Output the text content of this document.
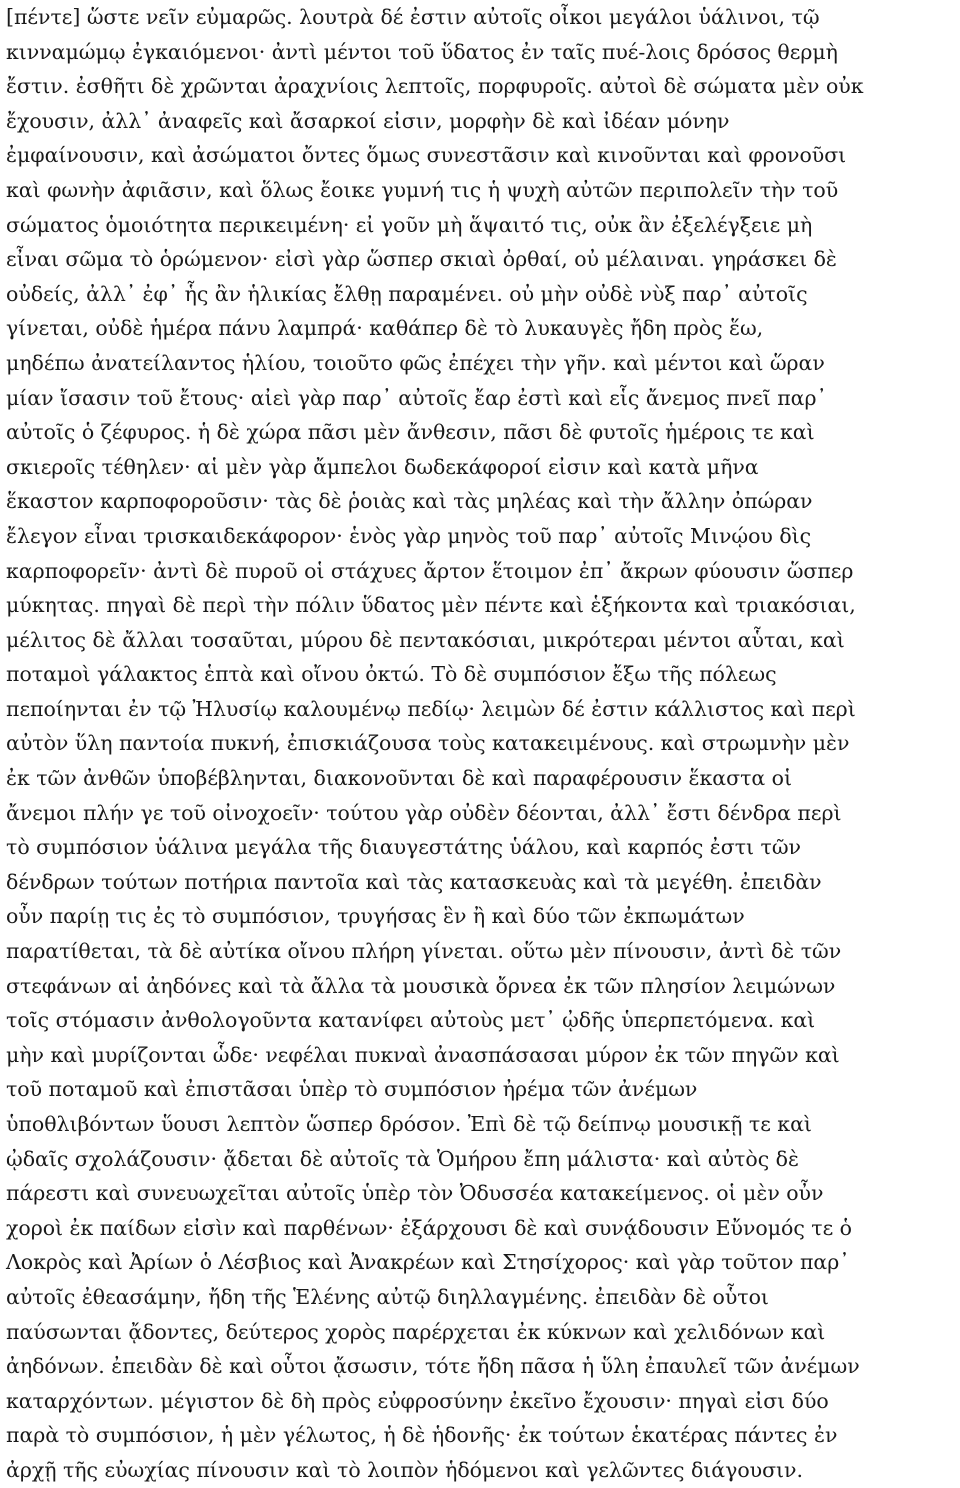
[πέντε] ὥστε νεῖν εὐμαρῶς. λουτρὰ δέ ἐστιν αὐτοῖς οἶκοι μεγάλοι ὑάλινοι, τῷ
κινναμώμῳ ἐγκαιόμενοι· ἀντὶ μέντοι τοῦ ὕδατος ἐν ταῖς πυέ-λοις δρόσος θερμὴ
ἔστιν. ἐσθῆτι δὲ χρῶνται ἀραχνίοις λεπτοῖς, πορφυροῖς. αὐτοὶ δὲ σώματα μὲν οὐκ
ἔχουσιν, ἀλλ᾽ ἀναφεῖς καὶ ἄσαρκοί εἰσιν, μορφὴν δὲ καὶ ἰδέαν μόνην
ἐμφαίνουσιν, καὶ ἀσώματοι ὄντες ὅμως συνεστᾶσιν καὶ κινοῦνται καὶ φρονοῦσι
καὶ φωνὴν ἀφιᾶσιν, καὶ ὅλως ἔοικε γυμνή τις ἡ ψυχὴ αὐτῶν περιπολεῖν τὴν τοῦ
σώματος ὁμοιότητα περικειμένη· εἰ γοῦν μὴ ἅψαιτό τις, οὐκ ἂν ἐξελέγξειε μὴ
εἶναι σῶμα τὸ ὁρώμενον· εἰσὶ γὰρ ὥσπερ σκιαὶ ὀρθαί, οὐ μέλαιναι. γηράσκει δὲ
οὐδείς, ἀλλ᾽ ἐφ᾽ ἧς ἂν ἡλικίας ἔλθῃ παραμένει. οὐ μὴν οὐδὲ νὺξ παρ᾽ αὐτοῖς
γίνεται, οὐδὲ ἡμέρα πάνυ λαμπρά· καθάπερ δὲ τὸ λυκαυγὲς ἤδη πρὸς ἕω,
μηδέπω ἀνατείλαντος ἡλίου, τοιοῦτο φῶς ἐπέχει τὴν γῆν. καὶ μέντοι καὶ ὥραν
μίαν ἴσασιν τοῦ ἔτους· αἰεὶ γὰρ παρ᾽ αὐτοῖς ἔαρ ἐστὶ καὶ εἷς ἄνεμος πνεῖ παρ᾽
αὐτοῖς ὁ ζέφυρος. ἡ δὲ χώρα πᾶσι μὲν ἄνθεσιν, πᾶσι δὲ φυτοῖς ἡμέροις τε καὶ
σκιεροῖς τέθηλεν· αἱ μὲν γὰρ ἄμπελοι δωδεκάφοροί εἰσιν καὶ κατὰ μῆνα
ἕκαστον καρποφοροῦσιν· τὰς δὲ ῥοιὰς καὶ τὰς μηλέας καὶ τὴν ἄλλην ὀπώραν
ἔλεγον εἶναι τρισκαιδεκάφορον· ἑνὸς γὰρ μηνὸς τοῦ παρ᾽ αὐτοῖς Μινῴου δὶς
καρποφορεῖν· ἀντὶ δὲ πυροῦ οἱ στάχυες ἄρτον ἕτοιμον ἐπ᾽ ἄκρων φύουσιν ὥσπερ
μύκητας. πηγαὶ δὲ περὶ τὴν πόλιν ὕδατος μὲν πέντε καὶ ἑξήκοντα καὶ τριακόσιαι,
μέλιτος δὲ ἄλλαι τοσαῦται, μύρου δὲ πεντακόσιαι, μικρότεραι μέντοι αὗται, καὶ
ποταμοὶ γάλακτος ἑπτὰ καὶ οἴνου ὀκτώ. Τὸ δὲ συμπόσιον ἔξω τῆς πόλεως
πεποίηνται ἐν τῷ Ἠλυσίῳ καλουμένῳ πεδίῳ· λειμὼν δέ ἐστιν κάλλιστος καὶ περὶ
αὐτὸν ὕλη παντοία πυκνή, ἐπισκιάζουσα τοὺς κατακειμένους. καὶ στρωμνὴν μὲν
ἐκ τῶν ἀνθῶν ὑποβέβληνται, διακονοῦνται δὲ καὶ παραφέρουσιν ἕκαστα οἱ
ἄνεμοι πλήν γε τοῦ οἰνοχοεῖν· τούτου γὰρ οὐδὲν δέονται, ἀλλ᾽ ἔστι δένδρα περὶ
τὸ συμπόσιον ὑάλινα μεγάλα τῆς διαυγεστάτης ὑάλου, καὶ καρπός ἐστι τῶν
δένδρων τούτων ποτήρια παντοῖα καὶ τὰς κατασκευὰς καὶ τὰ μεγέθη. ἐπειδὰν
οὖν παρίῃ τις ἐς τὸ συμπόσιον, τρυγήσας ἓν ἢ καὶ δύο τῶν ἐκπωμάτων
παρατίθεται, τὰ δὲ αὐτίκα οἴνου πλήρη γίνεται. οὕτω μὲν πίνουσιν, ἀντὶ δὲ τῶν
στεφάνων αἱ ἀηδόνες καὶ τὰ ἄλλα τὰ μουσικὰ ὄρνεα ἐκ τῶν πλησίον λειμώνων
τοῖς στόμασιν ἀνθολογοῦντα κατανίφει αὐτοὺς μετ᾽ ᾠδῆς ὑπερπετόμενα. καὶ
μὴν καὶ μυρίζονται ὧδε· νεφέλαι πυκναὶ ἀνασπάσασαι μύρον ἐκ τῶν πηγῶν καὶ
τοῦ ποταμοῦ καὶ ἐπιστᾶσαι ὑπὲρ τὸ συμπόσιον ἠρέμα τῶν ἀνέμων
ὑποθλιβόντων ὕουσι λεπτὸν ὥσπερ δρόσον. Ἐπὶ δὲ τῷ δείπνῳ μουσικῇ τε καὶ
ᾠδαῖς σχολάζουσιν· ᾄδεται δὲ αὐτοῖς τὰ Ὁμήρου ἔπη μάλιστα· καὶ αὐτὸς δὲ
πάρεστι καὶ συνευωχεῖται αὐτοῖς ὑπὲρ τὸν Ὀδυσσέα κατακείμενος. οἱ μὲν οὖν
χοροὶ ἐκ παίδων εἰσὶν καὶ παρθένων· ἐξάρχουσι δὲ καὶ συνᾴδουσιν Εὔνομός τε ὁ
Λοκρὸς καὶ Ἀρίων ὁ Λέσβιος καὶ Ἀνακρέων καὶ Στησίχορος· καὶ γὰρ τοῦτον παρ᾽
αὐτοῖς ἐθεασάμην, ἤδη τῆς Ἑλένης αὐτῷ διηλλαγμένης. ἐπειδὰν δὲ οὗτοι
παύσωνται ᾄδοντες, δεύτερος χορὸς παρέρχεται ἐκ κύκνων καὶ χελιδόνων καὶ
ἀηδόνων. ἐπειδὰν δὲ καὶ οὗτοι ᾄσωσιν, τότε ἤδη πᾶσα ἡ ὕλη ἐπαυλεῖ τῶν ἀνέμων
καταρχόντων. μέγιστον δὲ δὴ πρὸς εὐφροσύνην ἐκεῖνο ἔχουσιν· πηγαὶ εἰσι δύο
παρὰ τὸ συμπόσιον, ἡ μὲν γέλωτος, ἡ δὲ ἡδονῆς· ἐκ τούτων ἑκατέρας πάντες ἐν
ἀρχῇ τῆς εὐωχίας πίνουσιν καὶ τὸ λοιπὸν ἡδόμενοι καὶ γελῶντες διάγουσιν.
